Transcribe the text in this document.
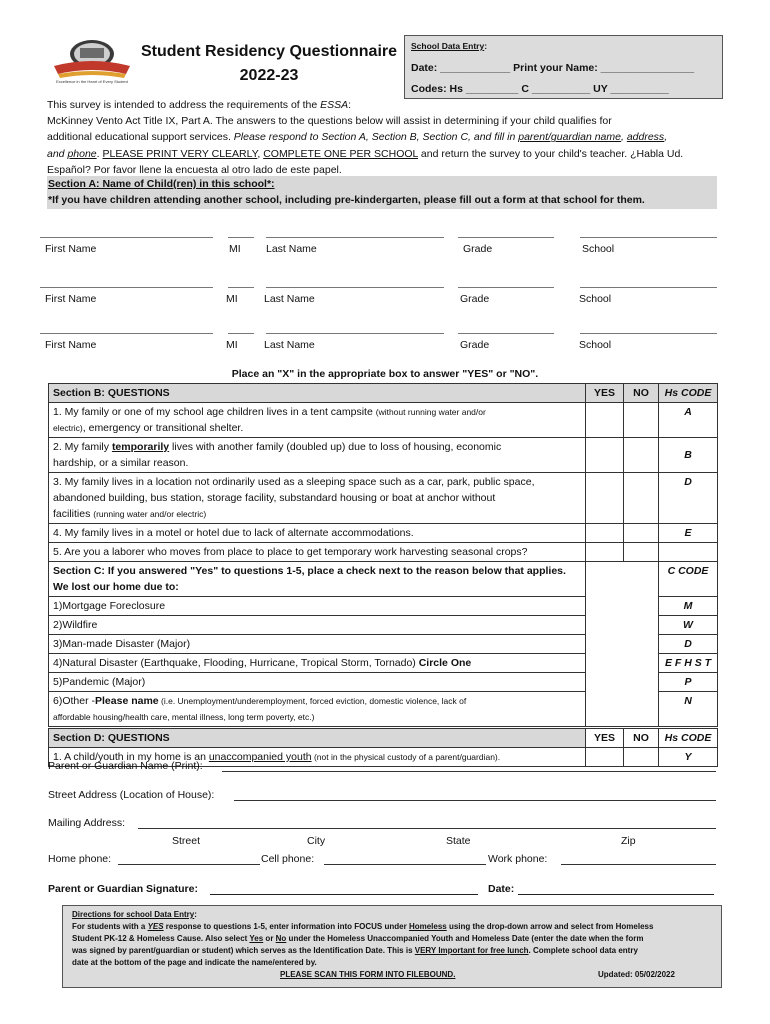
Excellence in the Heart of Every Student
Student Residency Questionnaire
2022-23
School Data Entry:
Date: ____________ Print your Name: ________________
Codes: Hs _________ C __________ UY __________
This survey is intended to address the requirements of the ESSA:
McKinney Vento Act Title IX, Part A. The answers to the questions below will assist in determining if your child qualifies for
additional educational support services. Please respond to Section A, Section B, Section C, and fill in parent/guardian name, address,
and phone. PLEASE PRINT VERY CLEARLY, COMPLETE ONE PER SCHOOL and return the survey to your child's teacher. ¿Habla Ud.
Español? Por favor llene la encuesta al otro lado de este papel.
Section A: Name of Child(ren) in this school*:
*If you have children attending another school, including pre-kindergarten, please fill out a form at that school for them.
First Name	MI Last Name	Grade	School
First Name	MI	Last Name	Grade	School
First Name	MI	Last Name	Grade	School
Place an "X" in the appropriate box to answer "YES" or "NO".
Section B: QUESTIONS	YES	NO	Hs CODE
1. My family or one of my school age children lives in a tent campsite (without running water and/or
electric), emergency or transitional shelter.			A
2. My family temporarily lives with another family (doubled up) due to loss of housing, economic
hardship, or a similar reason.			B
3. My family lives in a location not ordinarily used as a sleeping space such as a car, park, public space,
abandoned building, bus station, storage facility, substandard housing or boat at anchor without
facilities (running water and/or electric)			D
4. My family lives in a motel or hotel due to lack of alternate accommodations.			E
5. Are you a laborer who moves from place to place to get temporary work harvesting seasonal crops?			

Section C: If you answered "Yes" to questions 1-5, place a check next to the reason below that applies.
We lost our home due to:			C CODE
1)Mortgage Foreclosure			M
2)Wildfire			W
3)Man-made Disaster (Major)			D
4)Natural Disaster (Earthquake, Flooding, Hurricane, Tropical Storm, Tornado) Circle One			E F H S T
5)Pandemic (Major)			P
6)Other -Please name (i.e. Unemployment/underemployment, forced eviction, domestic violence, lack of
affordable housing/health care, mental illness, long term poverty, etc.)			N
Section D: QUESTIONS	YES	NO	Hs CODE
1. A child/youth in my home is an unaccompanied youth (not in the physical custody of a parent/guardian).			Y
Parent or Guardian Name (Print):
Street Address (Location of House):
Mailing Address:
Street	City	State	Zip
Home phone:	Cell phone:	Work phone:
Parent or Guardian Signature:	Date:
Directions for school Data Entry:
For students with a YES response to questions 1-5, enter information into FOCUS under Homeless using the drop-down arrow and select from Homeless
Student PK-12 & Homeless Cause. Also select Yes or No under the Homeless Unaccompanied Youth and Homeless Date (enter the date when the form
was signed by parent/guardian or student) which serves as the Identification Date. This is VERY Important for free lunch. Complete school data entry
date at the bottom of the page and indicate the name/entered by.
PLEASE SCAN THIS FORM INTO FILEBOUND.	Updated: 05/02/2022
